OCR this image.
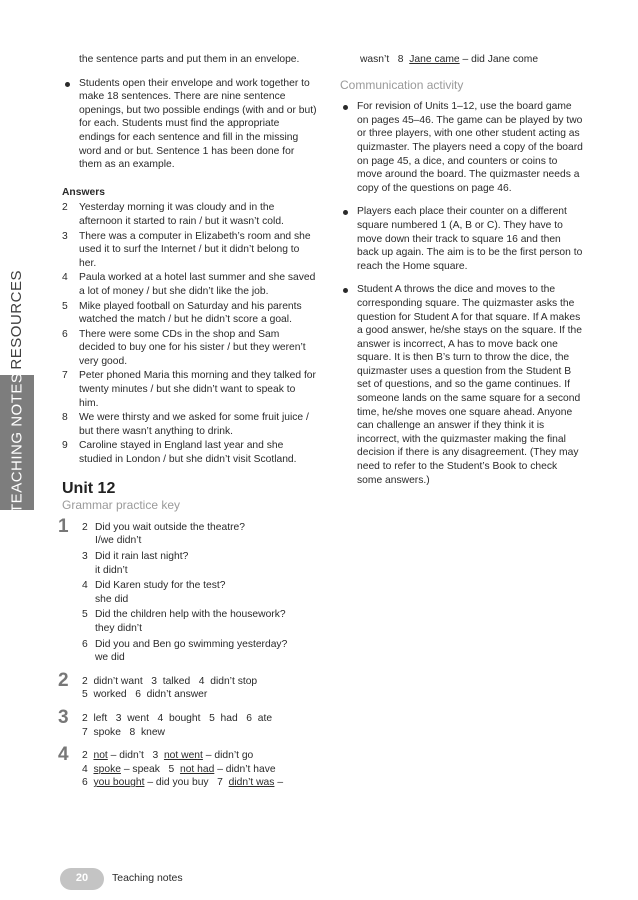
RESOURCES
TEACHING NOTES

the sentence parts and put them in an envelope.

Students open their envelope and work together to make 18 sentences. There are nine sentence openings, but two possible endings (with and or but) for each. Students must find the appropriate endings for each sentence and fill in the missing word and or but. Sentence 1 has been done for them as an example.

Answers
2 Yesterday morning it was cloudy and in the afternoon it started to rain / but it wasn’t cold.
3 There was a computer in Elizabeth’s room and she used it to surf the Internet / but it didn’t belong to her.
4 Paula worked at a hotel last summer and she saved a lot of money / but she didn’t like the job.
5 Mike played football on Saturday and his parents watched the match / but he didn’t score a goal.
6 There were some CDs in the shop and Sam decided to buy one for his sister / but they weren’t very good.
7 Peter phoned Maria this morning and they talked for twenty minutes / but she didn’t want to speak to him.
8 We were thirsty and we asked for some fruit juice / but there wasn’t anything to drink.
9 Caroline stayed in England last year and she studied in London / but she didn’t visit Scotland.
Unit 12
Grammar practice key
1 2 Did you wait outside the theatre?
I/we didn’t
3 Did it rain last night?
it didn’t
4 Did Karen study for the test?
she did
5 Did the children help with the housework?
they didn’t
6 Did you and Ben go swimming yesterday?
we did
2 2  didn’t want   3  talked   4  didn’t stop
5  worked   6  didn’t answer
3 2  left   3  went   4  bought   5  had   6  ate
7  spoke   8  knew
4 2 not – didn’t 3 not went – didn’t go
4 spoke – speak 5 not had – didn’t have
6 you bought – did you buy 7 didn’t was –
wasn’t 8 Jane came – did Jane come
Communication activity

For revision of Units 1–12, use the board game on pages 45–46. The game can be played by two or three players, with one other student acting as quizmaster. The players need a copy of the board on page 45, a dice, and counters or coins to move around the board. The quizmaster needs a copy of the questions on page 46.

Players each place their counter on a different square numbered 1 (A, B or C). They have to move down their track to square 16 and then back up again. The aim is to be the first person to reach the Home square.

Student A throws the dice and moves to the corresponding square. The quizmaster asks the question for Student A for that square. If A makes a good answer, he/she stays on the square. If the answer is incorrect, A has to move back one square. It is then B’s turn to throw the dice, the quizmaster uses a question from the Student B set of questions, and so the game continues. If someone lands on the same square for a second time, he/she moves one square ahead. Anyone can challenge an answer if they think it is incorrect, with the quizmaster making the final decision if there is any disagreement. (They may need to refer to the Student’s Book to check some answers.)

20	Teaching notes
